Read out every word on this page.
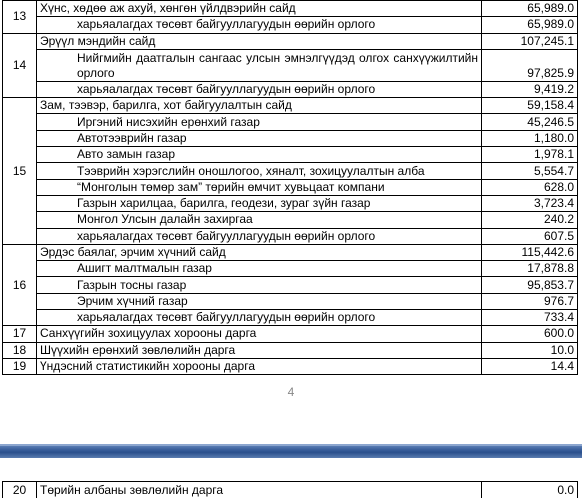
13	Хүнс, хөдөө аж ахуй, хөнгөн үйлдвэрийн сайд	65,989.0
	харьяалагдах төсөвт байгууллагуудын өөрийн орлого	65,989.0
14	Эрүүл мэндийн сайд	107,245.1
	Нийгмийн даатгалын сангаас улсын эмнэлгүүдэд олгох санхүүжилтийн орлого	97,825.9
	харьяалагдах төсөвт байгууллагуудын өөрийн орлого	9,419.2
15	Зам, тээвэр, барилга, хот байгуулалтын сайд	59,158.4
	Иргэний нисэхийн ерөнхий газар	45,246.5
	Автотээврийн газар	1,180.0
	Авто замын газар	1,978.1
	Тээврийн хэрэгслийн оношлогоо, хяналт, зохицуулалтын алба	5,554.7
	“Монголын төмөр зам” төрийн өмчит хувьцаат компани	628.0
	Газрын харилцаа, барилга, геодези, зураг зүйн газар	3,723.4
	Монгол Улсын далайн захиргаа	240.2
	харьяалагдах төсөвт байгууллагуудын өөрийн орлого	607.5
16	Эрдэс баялаг, эрчим хүчний сайд	115,442.6
	Ашигт малтмалын газар	17,878.8
	Газрын тосны газар	95,853.7
	Эрчим хүчний газар	976.7
	харьяалагдах төсөвт байгууллагуудын өөрийн орлого	733.4
17	Санхүүгийн зохицуулах хорооны дарга	600.0
18	Шүүхийн ерөнхий зөвлөлийн дарга	10.0
19	Үндэсний статистикийн хорооны дарга	14.4
4
20	Төрийн албаны зөвлөлийн дарга	0.0
